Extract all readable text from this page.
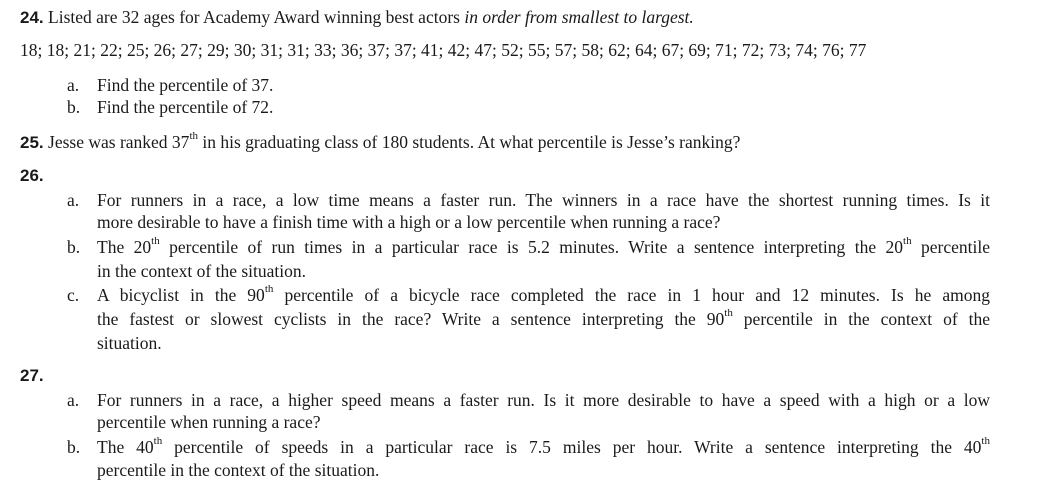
24. Listed are 32 ages for Academy Award winning best actors in order from smallest to largest.
18; 18; 21; 22; 25; 26; 27; 29; 30; 31; 31; 33; 36; 37; 37; 41; 42; 47; 52; 55; 57; 58; 62; 64; 67; 69; 71; 72; 73; 74; 76; 77
a. Find the percentile of 37.
b. Find the percentile of 72.
25. Jesse was ranked 37th in his graduating class of 180 students. At what percentile is Jesse’s ranking?
26.
a. For runners in a race, a low time means a faster run. The winners in a race have the shortest running times. Is it
more desirable to have a finish time with a high or a low percentile when running a race?
b. The 20th percentile of run times in a particular race is 5.2 minutes. Write a sentence interpreting the 20th percentile
in the context of the situation.
c. A bicyclist in the 90th percentile of a bicycle race completed the race in 1 hour and 12 minutes. Is he among
the fastest or slowest cyclists in the race? Write a sentence interpreting the 90th percentile in the context of the
situation.
27.
a. For runners in a race, a higher speed means a faster run. Is it more desirable to have a speed with a high or a low
percentile when running a race?
b. The 40th percentile of speeds in a particular race is 7.5 miles per hour. Write a sentence interpreting the 40th
percentile in the context of the situation.
